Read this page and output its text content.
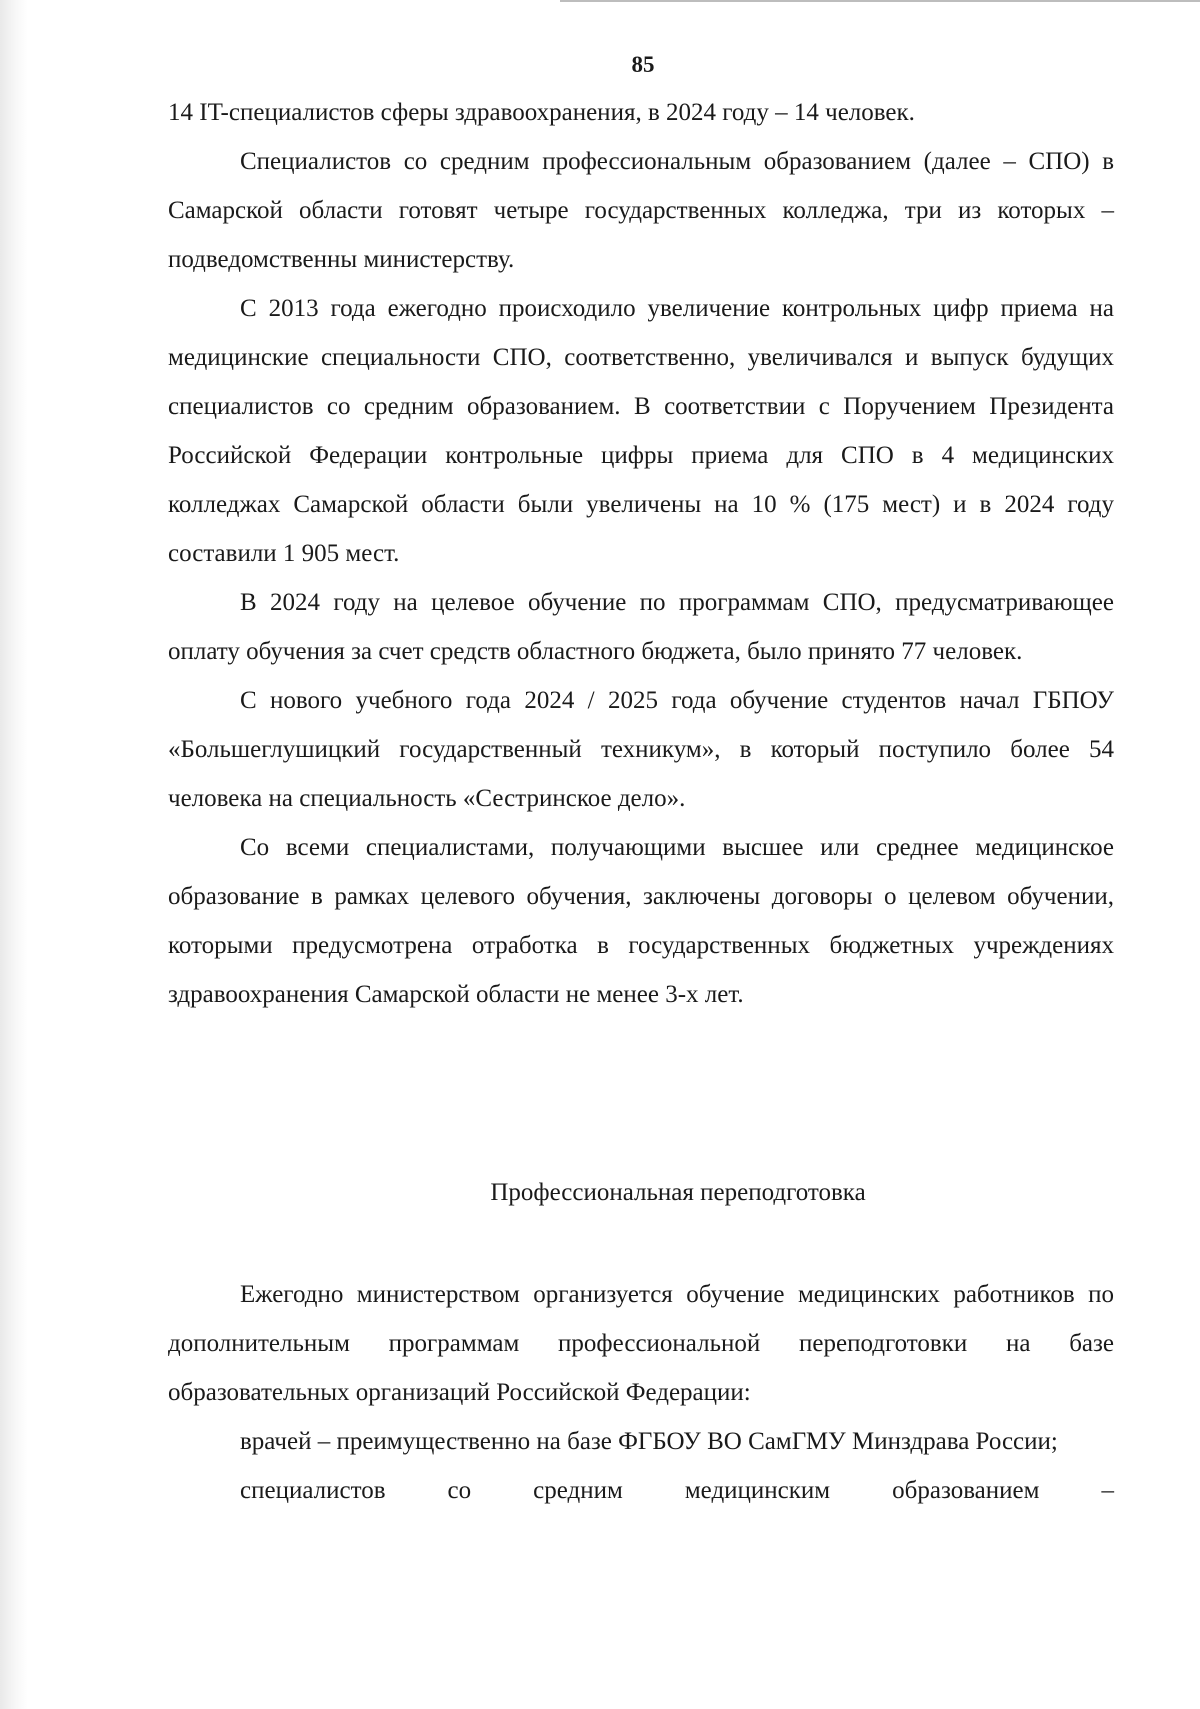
85

14 IT-специалистов сферы здравоохранения, в 2024 году – 14 человек.

Специалистов со средним профессиональным образованием (далее – СПО) в Самарской области готовят четыре государственных колледжа, три из которых – подведомственны министерству.

С 2013 года ежегодно происходило увеличение контрольных цифр приема на медицинские специальности СПО, соответственно, увеличивался и выпуск будущих специалистов со средним образованием. В соответствии с Поручением Президента Российской Федерации контрольные цифры приема для СПО в 4 медицинских колледжах Самарской области были увеличены на 10 % (175 мест) и в 2024 году составили 1 905 мест.

В 2024 году на целевое обучение по программам СПО, предусматривающее оплату обучения за счет средств областного бюджета, было принято 77 человек.

С нового учебного года 2024 / 2025 года обучение студентов начал ГБПОУ «Большеглушицкий государственный техникум», в который поступило более 54 человека на специальность «Сестринское дело».

Со всеми специалистами, получающими высшее или среднее медицинское образование в рамках целевого обучения, заключены договоры о целевом обучении, которыми предусмотрена отработка в государственных бюджетных учреждениях здравоохранения Самарской области не менее 3-х лет.

Профессиональная переподготовка

Ежегодно министерством организуется обучение медицинских работников по дополнительным программам профессиональной переподготовки на базе образовательных организаций Российской Федерации:

врачей – преимущественно на базе ФГБОУ ВО СамГМУ Минздрава России;

специалистов со средним медицинским образованием –
